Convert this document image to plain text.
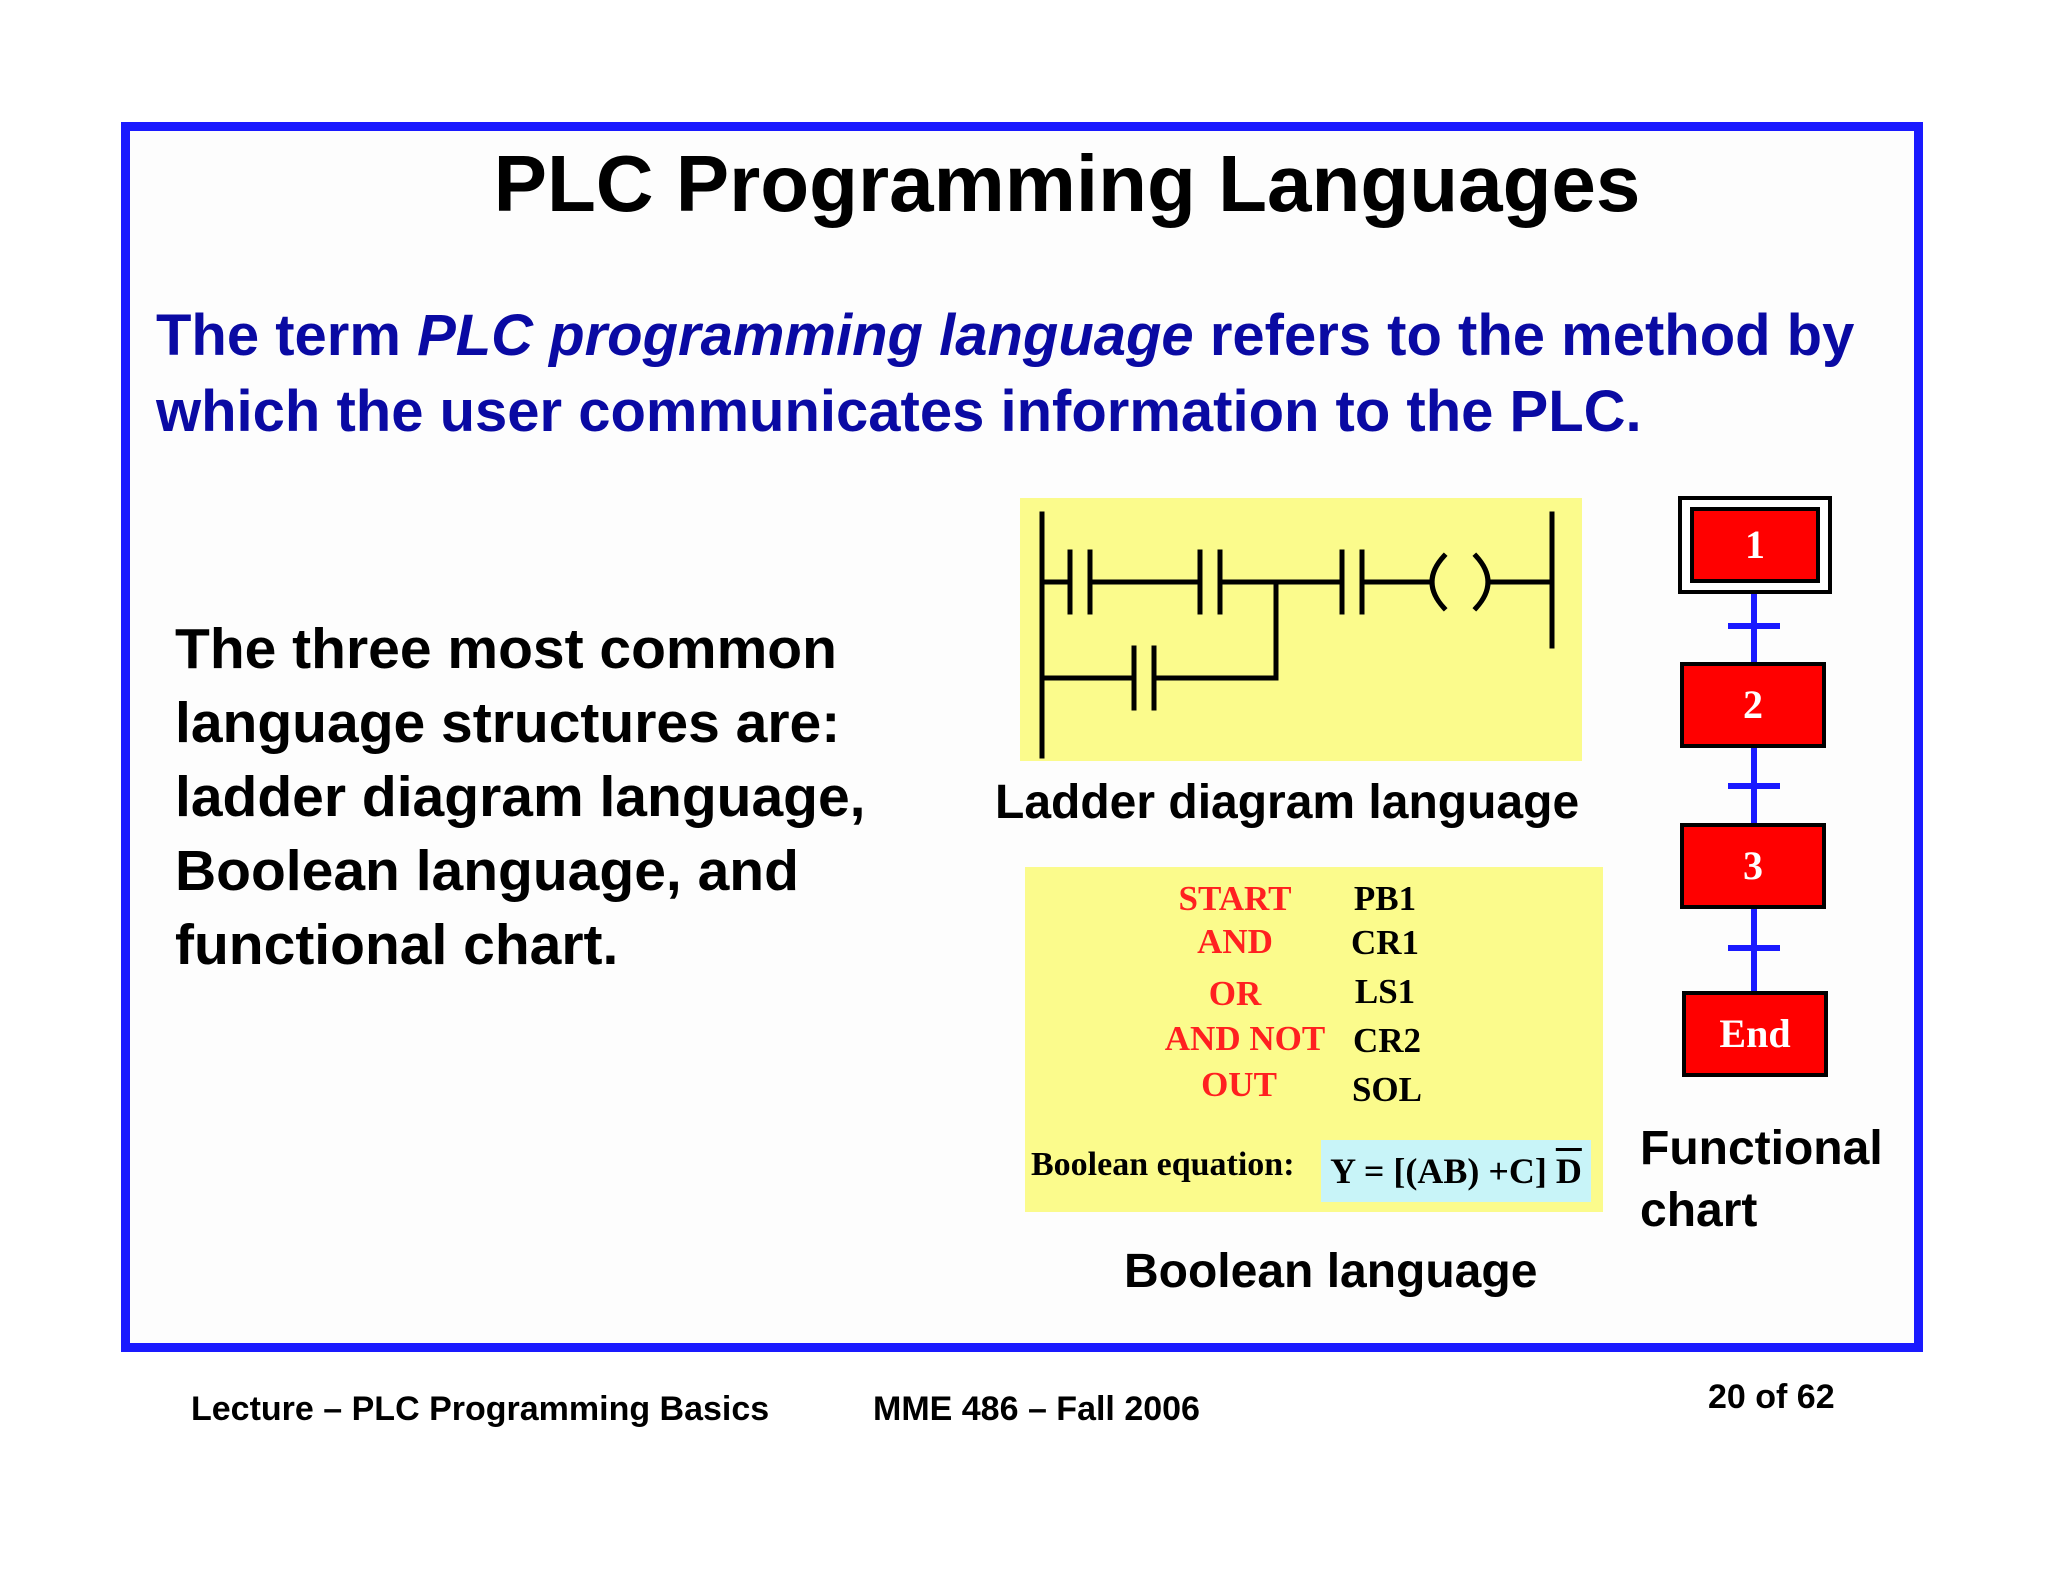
PLC Programming Languages
The term PLC programming language refers to the method by which the user communicates information to the PLC.
The three most common
language structures are:
ladder diagram language,
Boolean language, and
functional chart.
Ladder diagram language
START	PB1
AND	CR1
OR	LS1
AND NOT CR2
OUT	SOL
Boolean equation: Y = [(AB) +C] $\overline{D}$
Boolean language
1
2
3
End
Functional
chart
Lecture – PLC Programming Basics	MME 486 – Fall 2006	20 of 62
